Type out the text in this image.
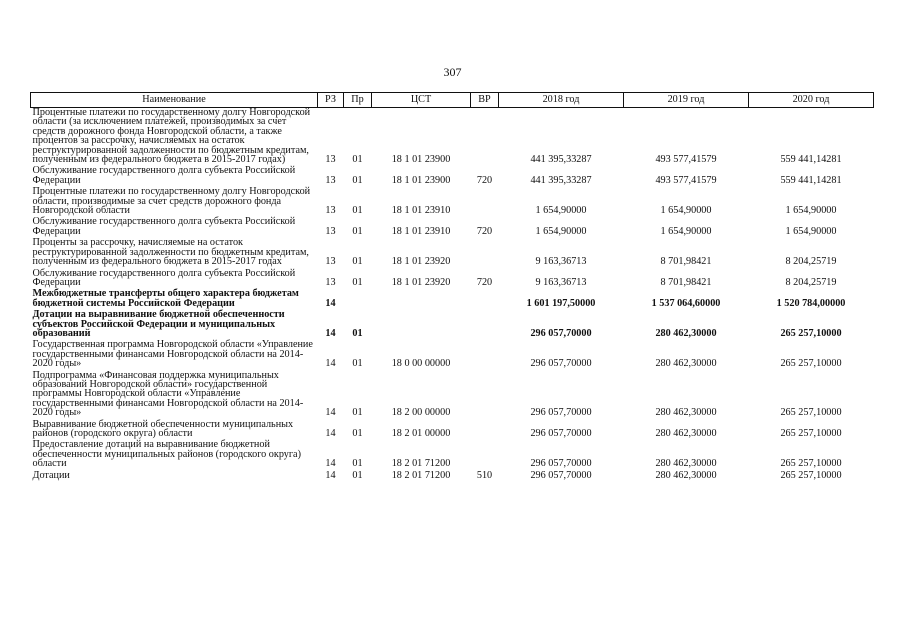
307
Наименование	РЗ	Пр	ЦСТ	ВР	2018 год	2019 год	2020 год
Процентные платежи по государственному долгу Новгородской области (за исключением платежей, производимых за счет средств дорожного фонда Новгородской области, а также процентов за рассрочку, начисляемых на остаток реструктурированной задолженности по бюджетным кредитам, полученным из федерального бюджета в 2015-2017 годах)	13	01	18 1 01 23900		441 395,33287	493 577,41579	559 441,14281
Обслуживание государственного долга субъекта Российской Федерации	13	01	18 1 01 23900	720	441 395,33287	493 577,41579	559 441,14281
Процентные платежи по государственному долгу Новгородской области, производимые за счет средств дорожного фонда Новгородской области	13	01	18 1 01 23910		1 654,90000	1 654,90000	1 654,90000
Обслуживание государственного долга субъекта Российской Федерации	13	01	18 1 01 23910	720	1 654,90000	1 654,90000	1 654,90000
Проценты за рассрочку, начисляемые на остаток реструктурированной задолженности по бюджетным кредитам, полученным из федерального бюджета в 2015-2017 годах	13	01	18 1 01 23920		9 163,36713	8 701,98421	8 204,25719
Обслуживание государственного долга субъекта Российской Федерации	13	01	18 1 01 23920	720	9 163,36713	8 701,98421	8 204,25719
Межбюджетные трансферты общего характера бюджетам бюджетной системы Российской Федерации	14				1 601 197,50000	1 537 064,60000	1 520 784,00000
Дотации на выравнивание бюджетной обеспеченности субъектов Российской Федерации и муниципальных образований	14	01			296 057,70000	280 462,30000	265 257,10000
Государственная программа Новгородской области «Управление государственными финансами Новгородской области на 2014-2020 годы»	14	01	18 0 00 00000		296 057,70000	280 462,30000	265 257,10000
Подпрограмма «Финансовая поддержка муниципальных образований Новгородской области» государственной программы Новгородской области «Управление государственными финансами Новгородской области на 2014-2020 годы»	14	01	18 2 00 00000		296 057,70000	280 462,30000	265 257,10000
Выравнивание бюджетной обеспеченности муниципальных районов (городского округа) области	14	01	18 2 01 00000		296 057,70000	280 462,30000	265 257,10000
Предоставление дотаций на выравнивание бюджетной обеспеченности муниципальных районов (городского округа) области	14	01	18 2 01 71200		296 057,70000	280 462,30000	265 257,10000
Дотации	14	01	18 2 01 71200	510	296 057,70000	280 462,30000	265 257,10000
